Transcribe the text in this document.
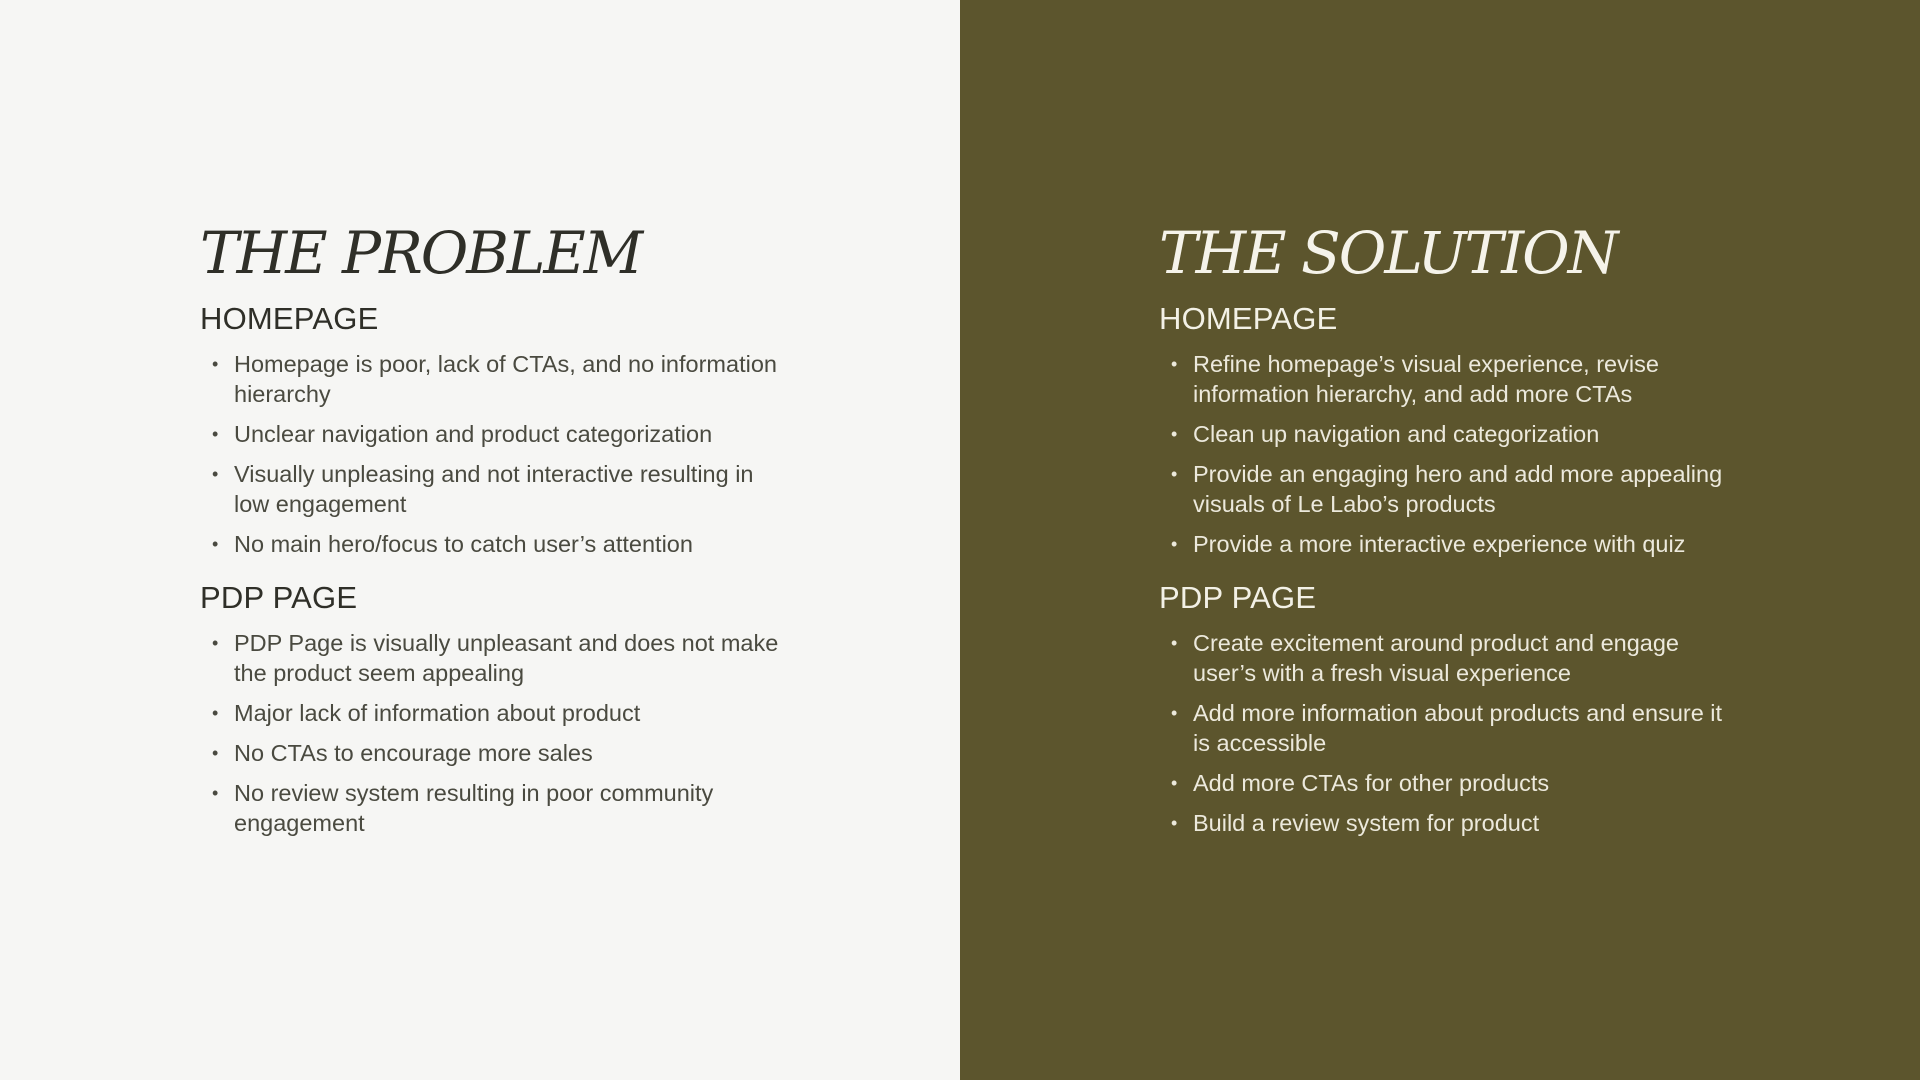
THE PROBLEM
HOMEPAGE
• Homepage is poor, lack of CTAs, and no information hierarchy
• Unclear navigation and product categorization
• Visually unpleasing and not interactive resulting in low engagement
• No main hero/focus to catch user’s attention
PDP PAGE
• PDP Page is visually unpleasant and does not make the product seem appealing
• Major lack of information about product
• No CTAs to encourage more sales
• No review system resulting in poor community engagement
THE SOLUTION
HOMEPAGE
• Refine homepage’s visual experience, revise information hierarchy, and add more CTAs
• Clean up navigation and categorization
• Provide an engaging hero and add more appealing visuals of Le Labo’s products
• Provide a more interactive experience with quiz
PDP PAGE
• Create excitement around product and engage user’s with a fresh visual experience
• Add more information about products and ensure it is accessible
• Add more CTAs for other products
• Build a review system for product
